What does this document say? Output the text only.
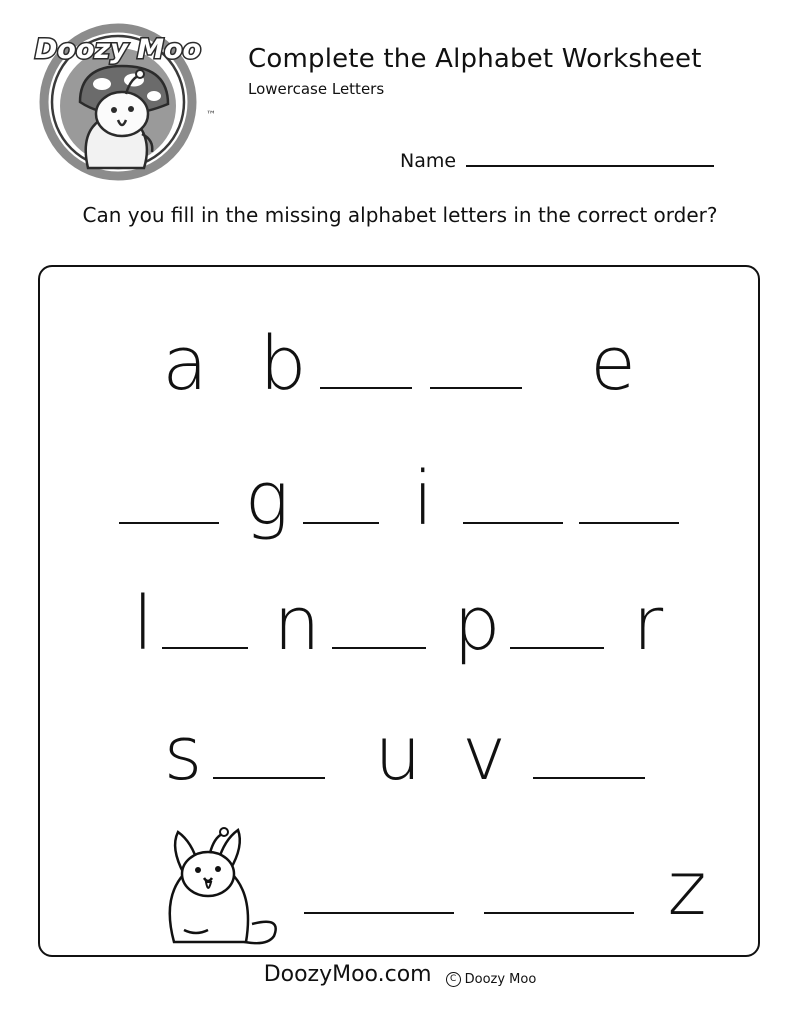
Doozy Moo
™
Complete the Alphabet Worksheet

Lowercase Letters

Name
Can you fill in the missing alphabet letters in the correct order?
a b	e
g i
l n p r
s u v
z
DoozyMoo.com	C Doozy Moo
